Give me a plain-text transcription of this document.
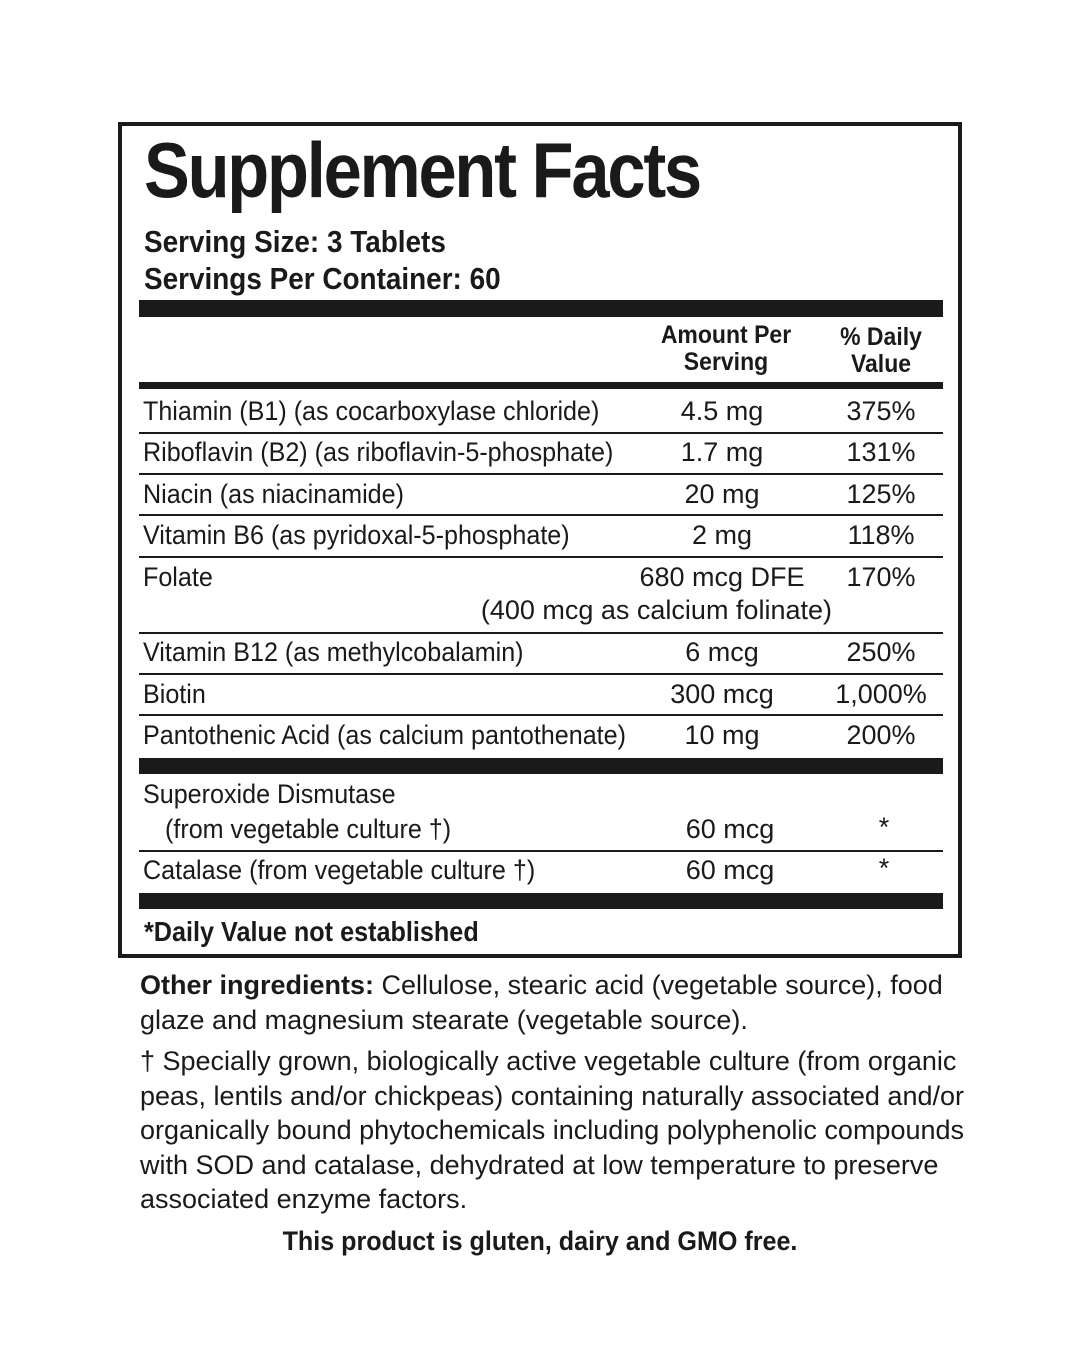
Supplement Facts
Serving Size: 3 Tablets
Servings Per Container: 60
Amount Per
Serving
% Daily
Value
Thiamin (B1) (as cocarboxylase chloride)	4.5 mg	375%
Riboflavin (B2) (as riboflavin-5-phosphate) 1.7 mg	131%
Niacin (as niacinamide)	20 mg	125%
Vitamin B6 (as pyridoxal-5-phosphate)	2 mg	118%
Folate	680 mcg DFE 170%
(400 mcg as calcium folinate)
Vitamin B12 (as methylcobalamin)	6 mcg	250%
Biotin	300 mcg 1,000%
Pantothenic Acid (as calcium pantothenate) 10 mg	200%
Superoxide Dismutase
(from vegetable culture †)	60 mcg	*
Catalase (from vegetable culture †)	60 mcg	*
*Daily Value not established
Other ingredients: Cellulose, stearic acid (vegetable source), food
glaze and magnesium stearate (vegetable source).
† Specially grown, biologically active vegetable culture (from organic
peas, lentils and/or chickpeas) containing naturally associated and/or
organically bound phytochemicals including polyphenolic compounds
with SOD and catalase, dehydrated at low temperature to preserve
associated enzyme factors.
This product is gluten, dairy and GMO free.
